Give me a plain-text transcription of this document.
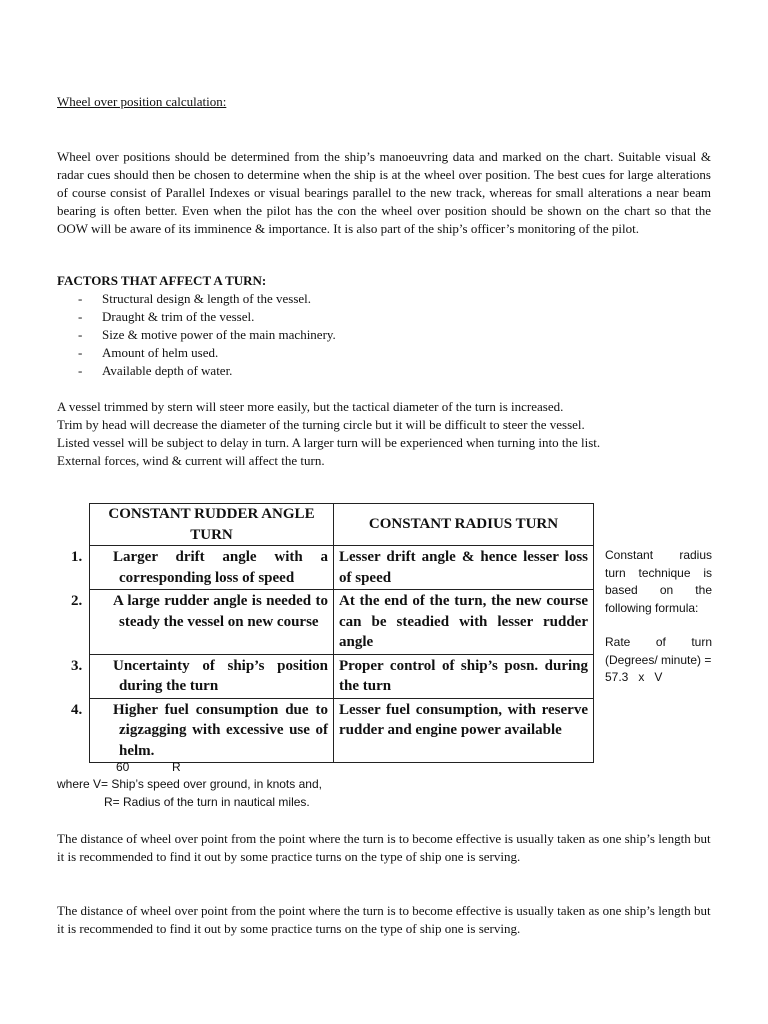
Wheel over position calculation:

Wheel over positions should be determined from the ship’s manoeuvring data and marked on the chart. Suitable visual & radar cues should then be chosen to determine when the ship is at the wheel over position. The best cues for large alterations of course consist of Parallel Indexes or visual bearings parallel to the new track, whereas for small alterations a near beam bearing is often better. Even when the pilot has the con the wheel over position should be shown on the chart so that the OOW will be aware of its imminence & importance. It is also part of the ship’s officer’s monitoring of the pilot.

FACTORS THAT AFFECT A TURN:
- Structural design & length of the vessel.
- Draught & trim of the vessel.
- Size & motive power of the main machinery.
- Amount of helm used.
- Available depth of water.
A vessel trimmed by stern will steer more easily, but the tactical diameter of the turn is increased.
Trim by head will decrease the diameter of the turning circle but it will be difficult to steer the vessel.
Listed vessel will be subject to delay in turn. A larger turn will be experienced when turning into the list.
External forces, wind & current will affect the turn.
CONSTANT RUDDER ANGLE TURN	CONSTANT RADIUS TURN

1. Larger drift angle with a corresponding loss of speed	Lesser drift angle & hence lesser loss of speed

2. A large rudder angle is needed to steady the vessel on new course	At the end of the turn, the new course can be steadied with lesser rudder angle

3. Uncertainty of ship’s position during the turn	Proper control of ship’s posn. during the turn

4. Higher fuel consumption due to zigzagging with excessive use of helm.	Lesser fuel consumption, with reserve rudder and engine power available

Constant radius turn technique is based on the following formula:

Rate of turn (Degrees/ minute) =

57.3   x   V

60	R
where V= Ship’s speed over ground, in knots and,
R= Radius of the turn in nautical miles.

The distance of wheel over point from the point where the turn is to become effective is usually taken as one ship’s length but it is recommended to find it out by some practice turns on the type of ship one is serving.

The distance of wheel over point from the point where the turn is to become effective is usually taken as one ship’s length but it is recommended to find it out by some practice turns on the type of ship one is serving.
